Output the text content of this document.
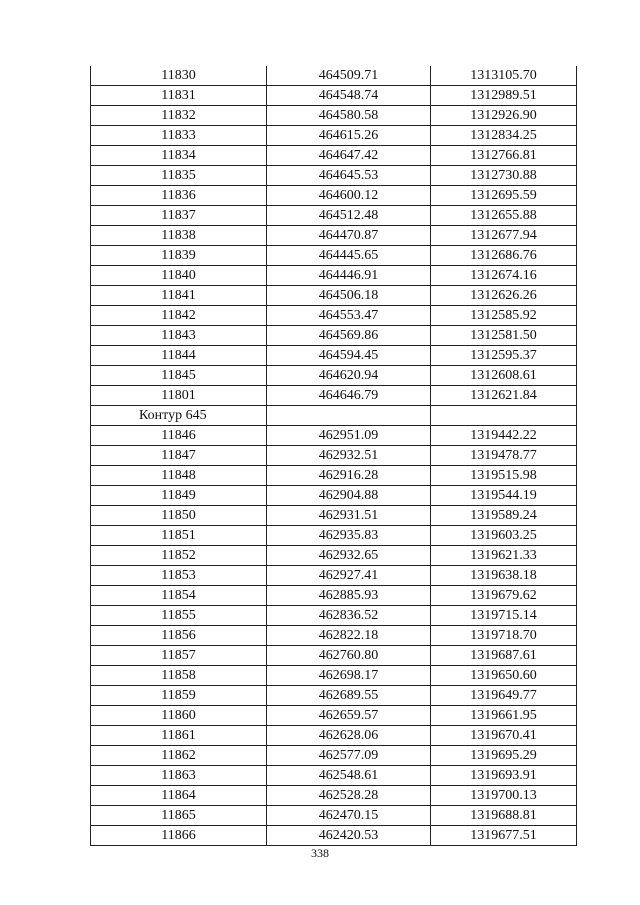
11830	464509.71	1313105.70
11831	464548.74	1312989.51
11832	464580.58	1312926.90
11833	464615.26	1312834.25
11834	464647.42	1312766.81
11835	464645.53	1312730.88
11836	464600.12	1312695.59
11837	464512.48	1312655.88
11838	464470.87	1312677.94
11839	464445.65	1312686.76
11840	464446.91	1312674.16
11841	464506.18	1312626.26
11842	464553.47	1312585.92
11843	464569.86	1312581.50
11844	464594.45	1312595.37
11845	464620.94	1312608.61
11801	464646.79	1312621.84
Контур 645		
11846	462951.09	1319442.22
11847	462932.51	1319478.77
11848	462916.28	1319515.98
11849	462904.88	1319544.19
11850	462931.51	1319589.24
11851	462935.83	1319603.25
11852	462932.65	1319621.33
11853	462927.41	1319638.18
11854	462885.93	1319679.62
11855	462836.52	1319715.14
11856	462822.18	1319718.70
11857	462760.80	1319687.61
11858	462698.17	1319650.60
11859	462689.55	1319649.77
11860	462659.57	1319661.95
11861	462628.06	1319670.41
11862	462577.09	1319695.29
11863	462548.61	1319693.91
11864	462528.28	1319700.13
11865	462470.15	1319688.81
11866	462420.53	1319677.51
338
